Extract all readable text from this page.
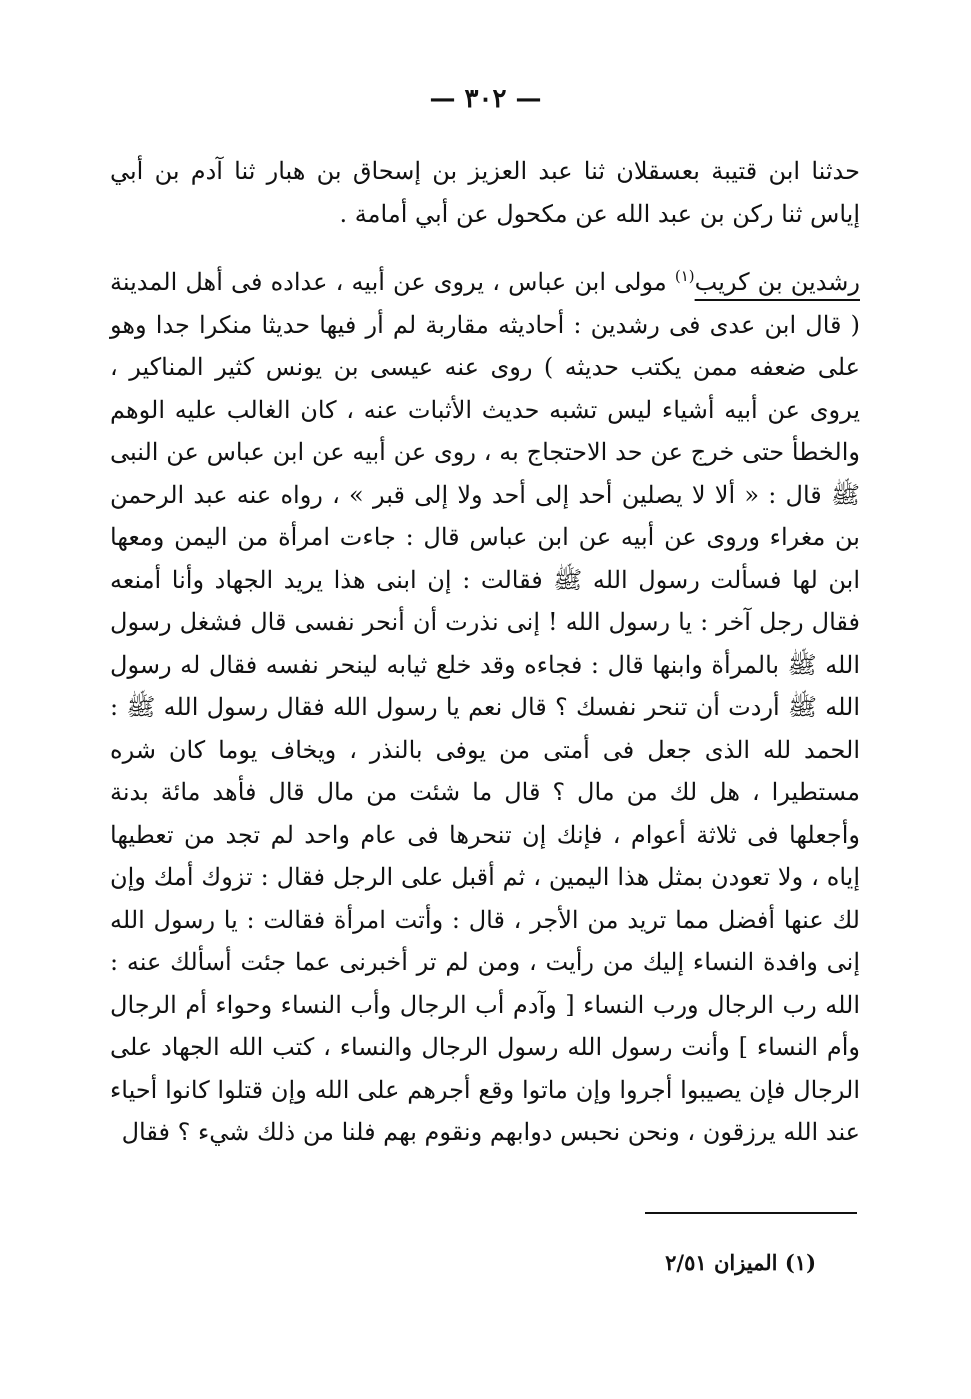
— ٣٠٢ —

حدثنا ابن قتيبة بعسقلان ثنا عبد العزيز بن إسحاق بن هبار ثنا آدم بن أبي إياس ثنا ركن بن عبد الله عن مكحول عن أبي أمامة .

رشدين بن كريب$^{(١)}$ مولى ابن عباس ، يروى عن أبيه ، عداده فى أهل المدينة ( قال ابن عدى فى رشدين : أحاديثه مقاربة لم أر فيها حديثا منكرا جدا وهو على ضعفه ممن يكتب حديثه ) روى عنه عيسى بن يونس كثير المناكير ، يروى عن أبيه أشياء ليس تشبه حديث الأثبات عنه ، كان الغالب عليه الوهم والخطأ حتى خرج عن حد الاحتجاج به ، روى عن أبيه عن ابن عباس عن النبى ﷺ قال : « ألا لا يصلين أحد إلى أحد ولا إلى قبر » ، رواه عنه عبد الرحمن بن مغراء وروى عن أبيه عن ابن عباس قال : جاءت امرأة من اليمن ومعها ابن لها فسألت رسول الله ﷺ فقالت : إن ابنى هذا يريد الجهاد وأنا أمنعه فقال رجل آخر : يا رسول الله ! إنى نذرت أن أنحر نفسى قال فشغل رسول الله ﷺ بالمرأة وابنها قال : فجاءه وقد خلع ثيابه لينحر نفسه فقال له رسول الله ﷺ أردت أن تنحر نفسك ؟ قال نعم يا رسول الله فقال رسول الله ﷺ : الحمد لله الذى جعل فى أمتى من يوفى بالنذر ، ويخاف يوما كان شره مستطيرا ، هل لك من مال ؟ قال ما شئت من مال قال فأهد مائة بدنة وأجعلها فى ثلاثة أعوام ، فإنك إن تنحرها فى عام واحد لم تجد من تعطيها إياه ، ولا تعودن بمثل هذا اليمين ، ثم أقبل على الرجل فقال : تزوك أمك وإن لك عنها أفضل مما تريد من الأجر ، قال : وأتت امرأة فقالت : يا رسول الله إنى وافدة النساء إليك من رأيت ، ومن لم تر أخبرنى عما جئت أسألك عنه : الله رب الرجال ورب النساء [ وآدم أب الرجال وأب النساء وحواء أم الرجال وأم النساء ] وأنت رسول الله رسول الرجال والنساء ، كتب الله الجهاد على الرجال فإن يصيبوا أجروا وإن ماتوا وقع أجرهم على الله وإن قتلوا كانوا أحياء عند الله يرزقون ، ونحن نحبس دوابهم ونقوم بهم فلنا من ذلك شيء ؟ فقال

(١) الميزان ٢/٥١
